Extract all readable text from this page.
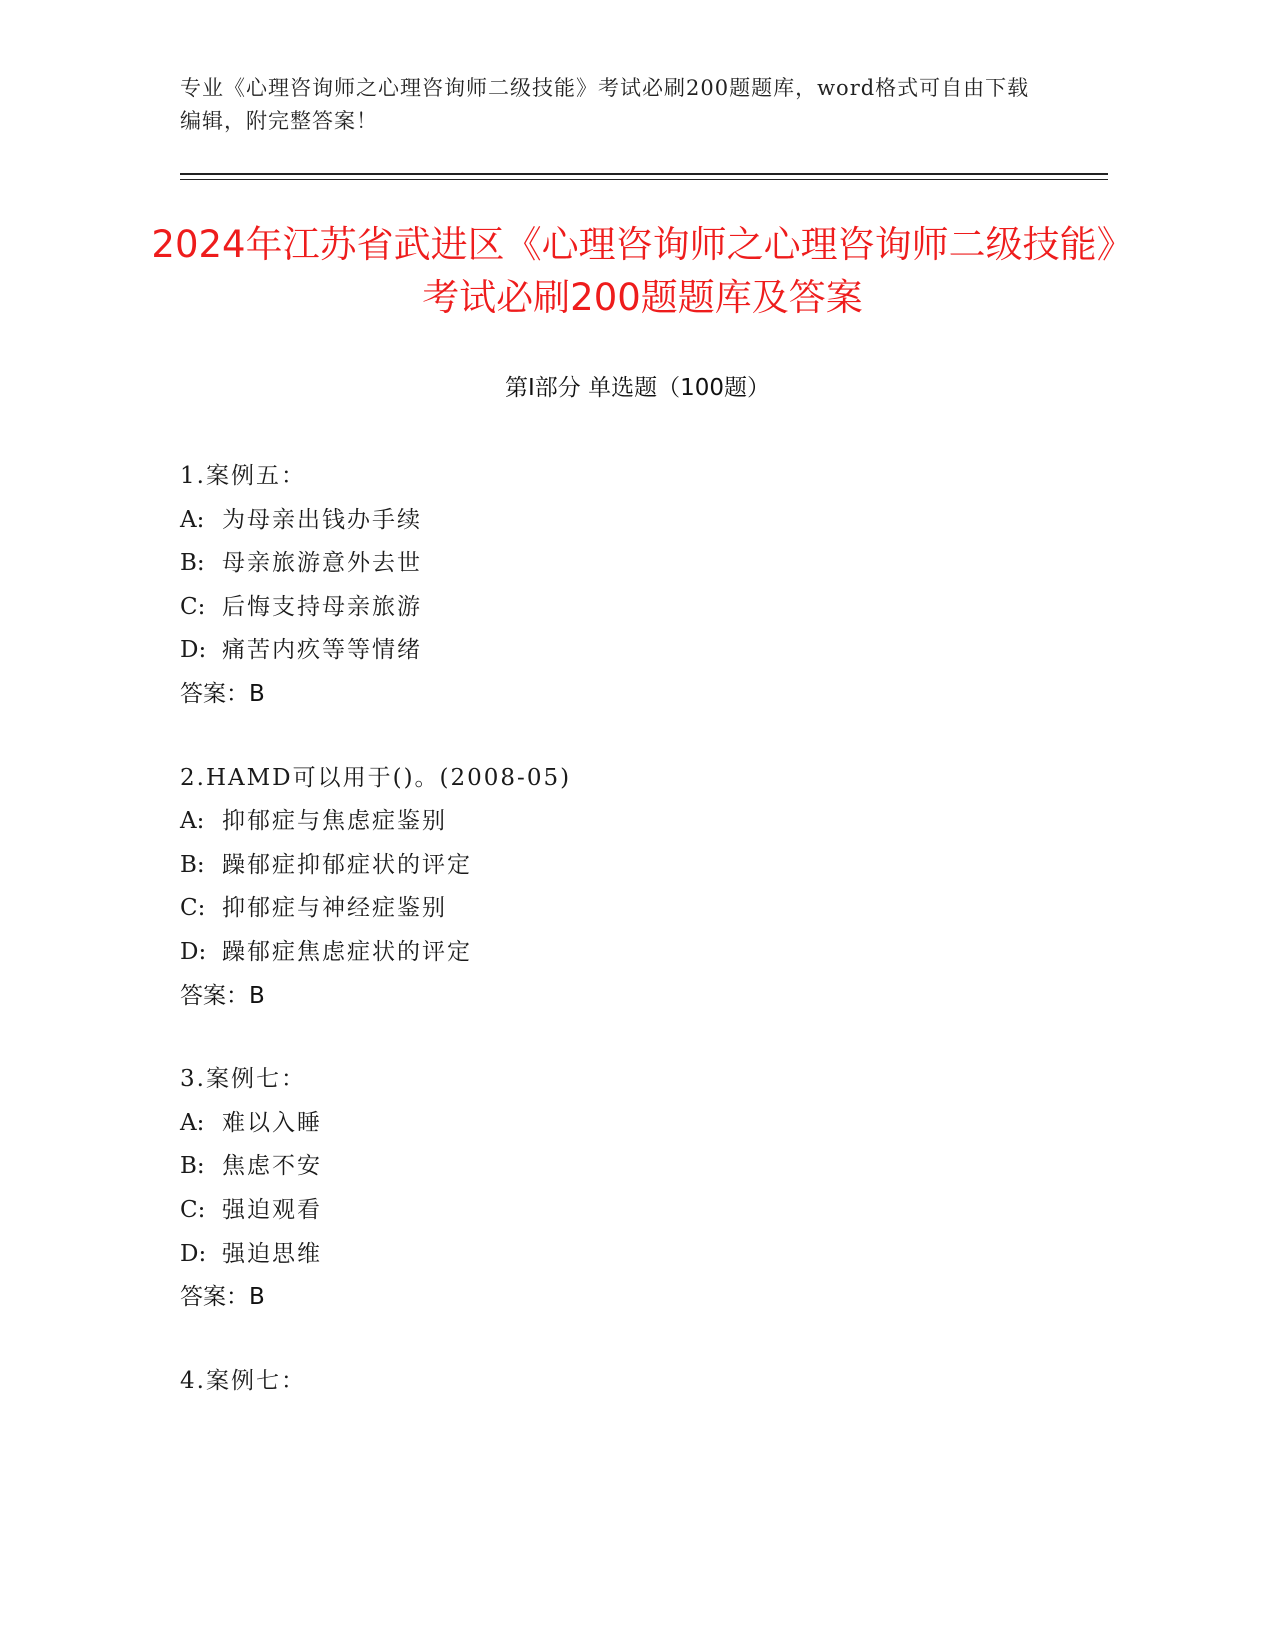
专业《心理咨询师之心理咨询师二级技能》考试必刷200题题库，word格式可自由下载编辑，附完整答案！
2024年江苏省武进区《心理咨询师之心理咨询师二级技能》考试必刷200题题库及答案
第Ⅰ部分 单选题（100题）
1.案例五：
A: 为母亲出钱办手续
B: 母亲旅游意外去世
C: 后悔支持母亲旅游
D: 痛苦内疚等等情绪
答案：B
2.HAMD可以用于()。(2008-05)
A: 抑郁症与焦虑症鉴别
B: 躁郁症抑郁症状的评定
C: 抑郁症与神经症鉴别
D: 躁郁症焦虑症状的评定
答案：B
3.案例七：
A: 难以入睡
B: 焦虑不安
C: 强迫观看
D: 强迫思维
答案：B
4.案例七：
